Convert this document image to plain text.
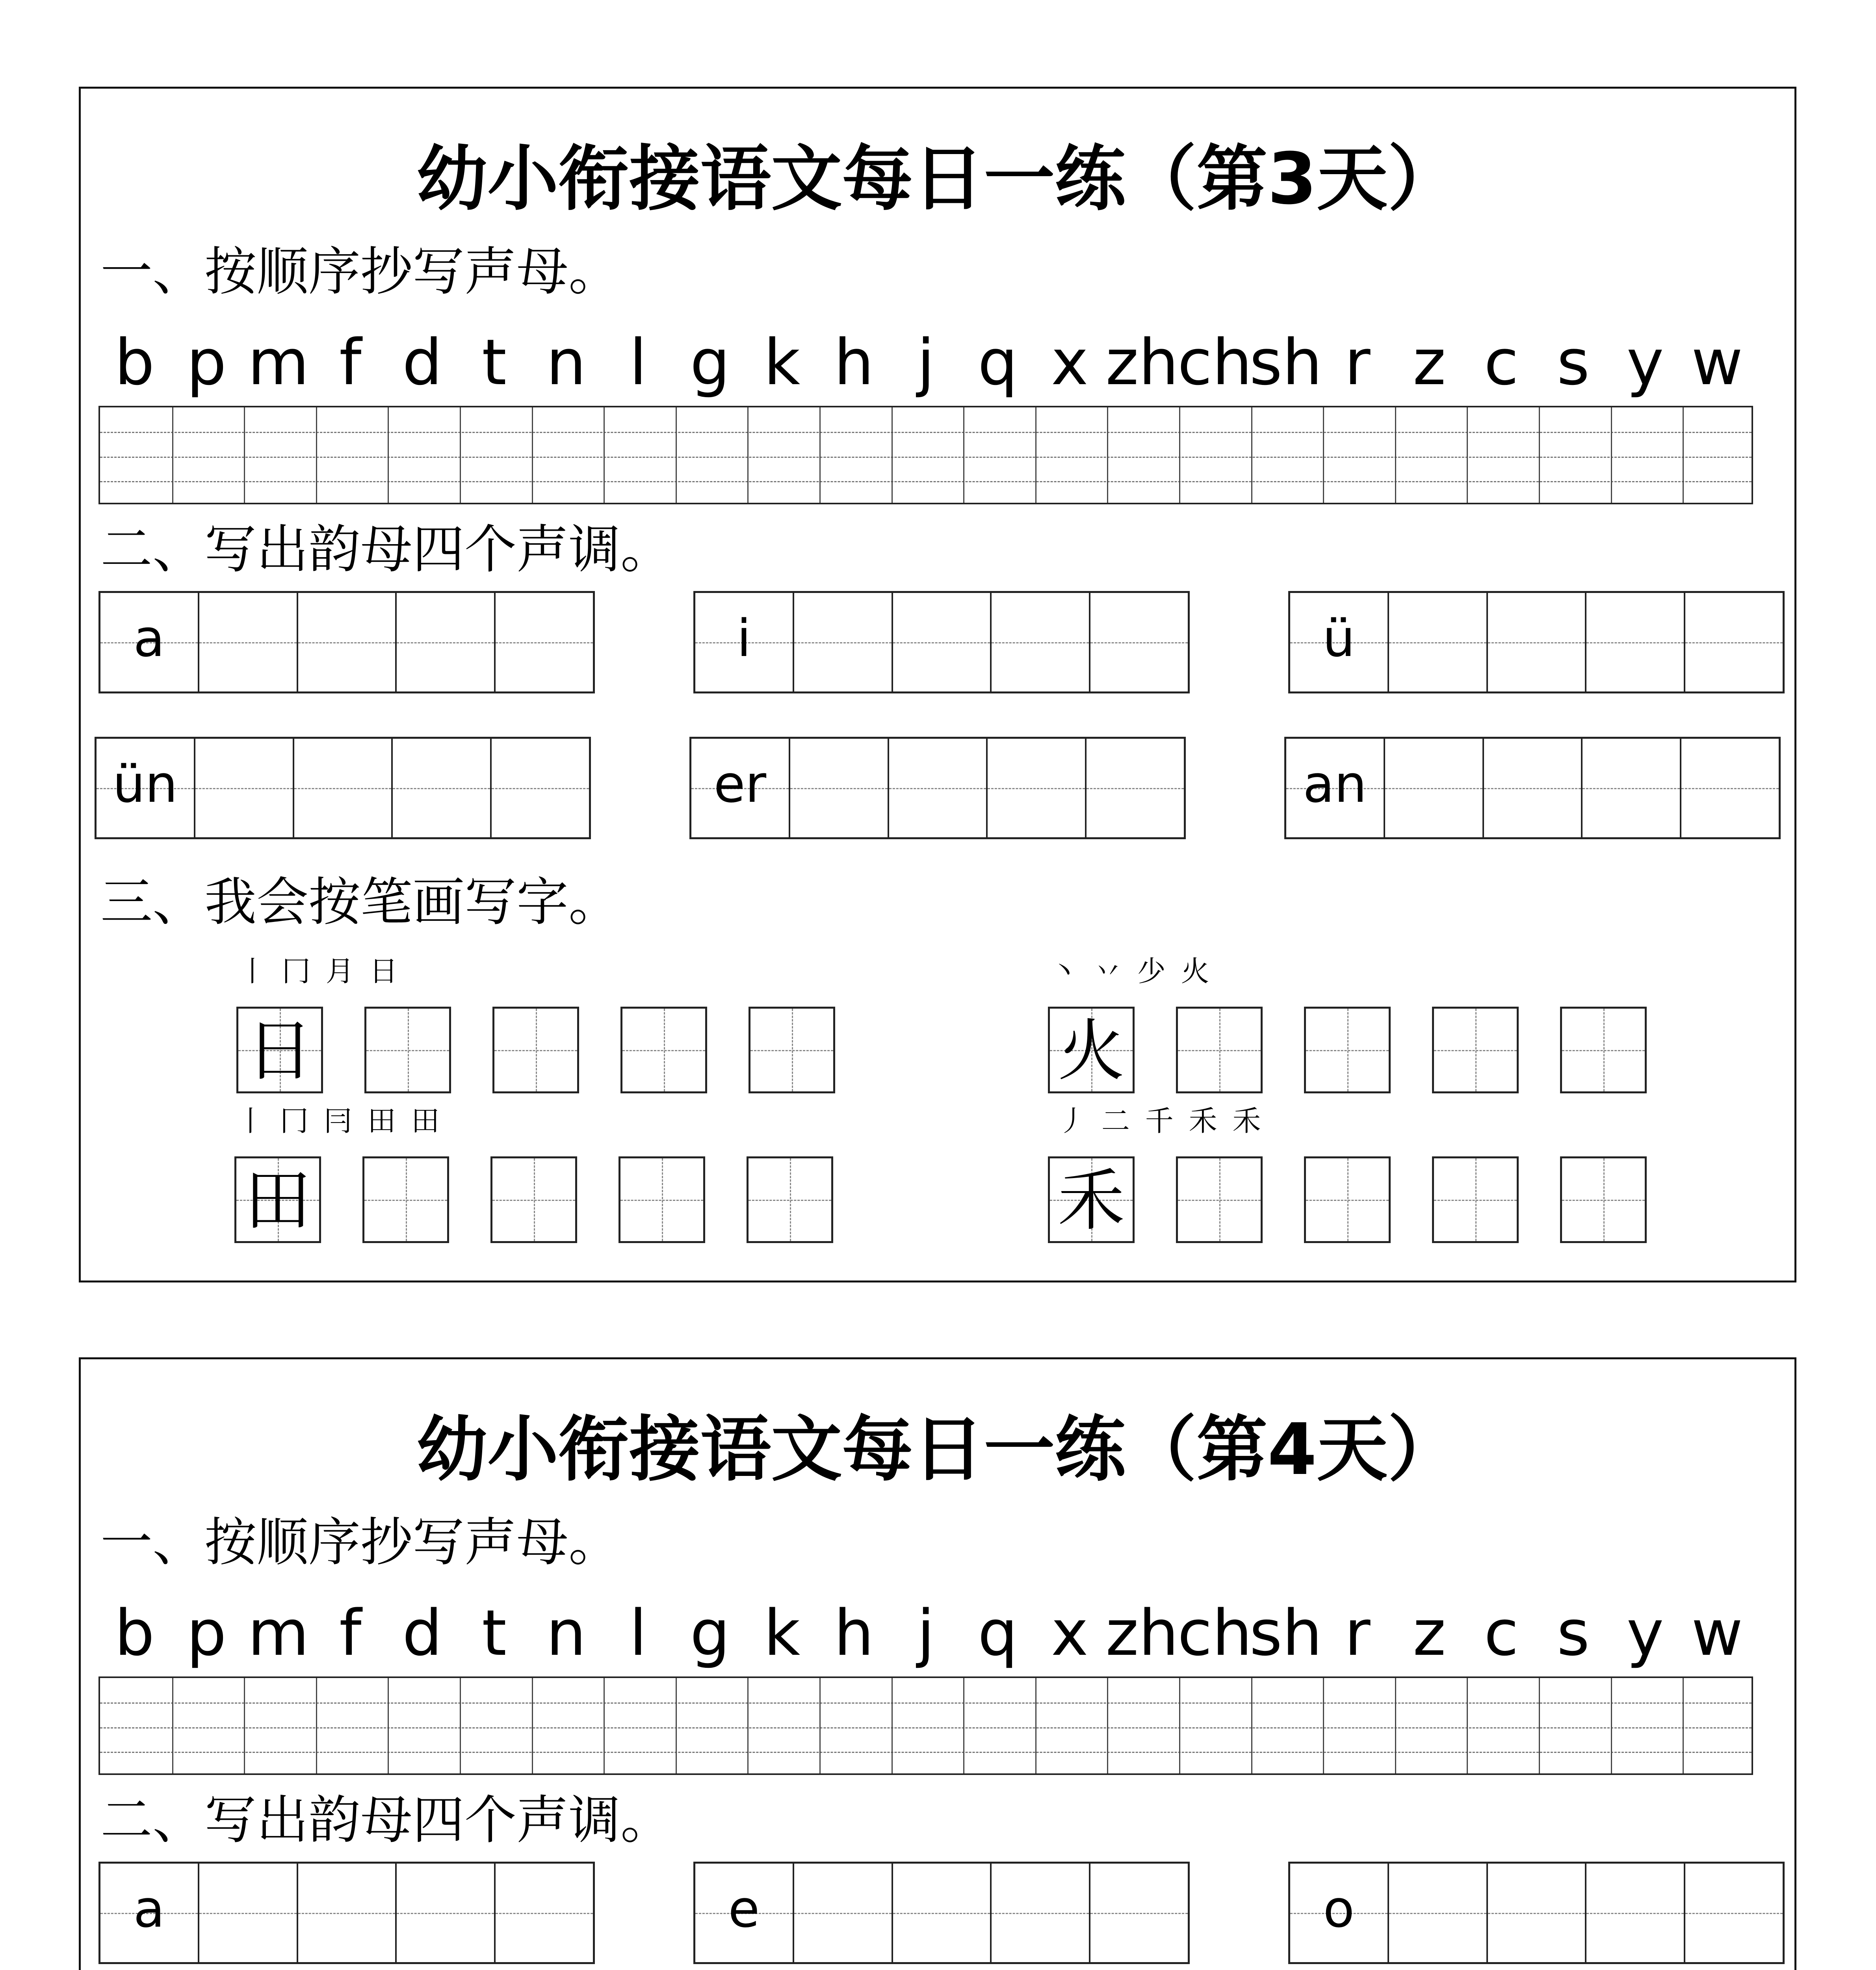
幼小衔接语文每日一练（第3天）
一、按顺序抄写声母。
b p m f d t n l g k h j q x zh
ch
sh r z c s y w
二、写出韵母四个声调。
a	i	ü
ün	er	an
三、我会按笔画写字。
丨 冂 月 日
日
丶 丷 少 火
火
丨 冂 冃 田 田
田
丿 二 千 禾 禾
禾
幼小衔接语文每日一练（第4天）
一、按顺序抄写声母。
b p m f d t n l g k h j q x zh
ch
sh r z c s y w
二、写出韵母四个声调。
a	e	o
